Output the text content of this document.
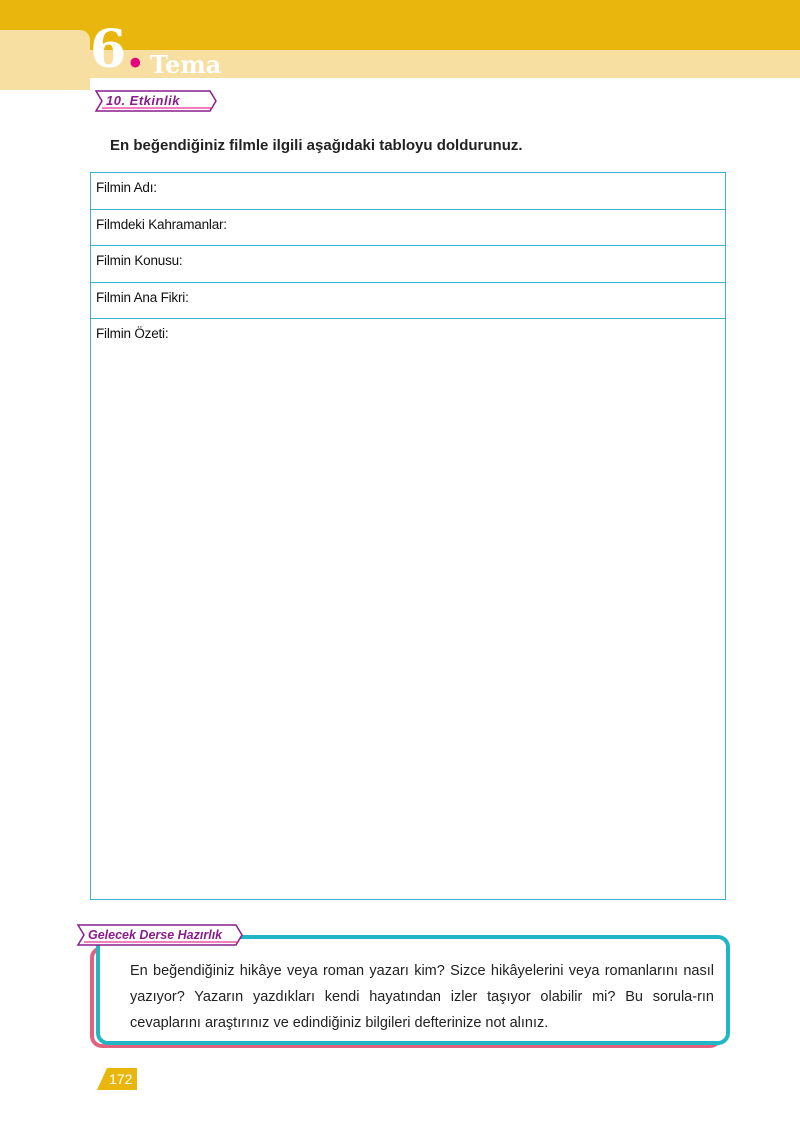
6. Tema
10. Etkinlik
En beğendiğiniz filmle ilgili aşağıdaki tabloyu doldurunuz.
Filmin Adı:
Filmdeki Kahramanlar:
Filmin Konusu:
Filmin Ana Fikri:
Filmin Özeti:
Gelecek Derse Hazırlık
En beğendiğiniz hikâye veya roman yazarı kim? Sizce hikâyelerini veya romanlarını nasıl yazıyor? Yazarın yazdıkları kendi hayatından izler taşıyor olabilir mi? Bu sorula-rın cevaplarını araştırınız ve edindiğiniz bilgileri defterinize not alınız.
172
